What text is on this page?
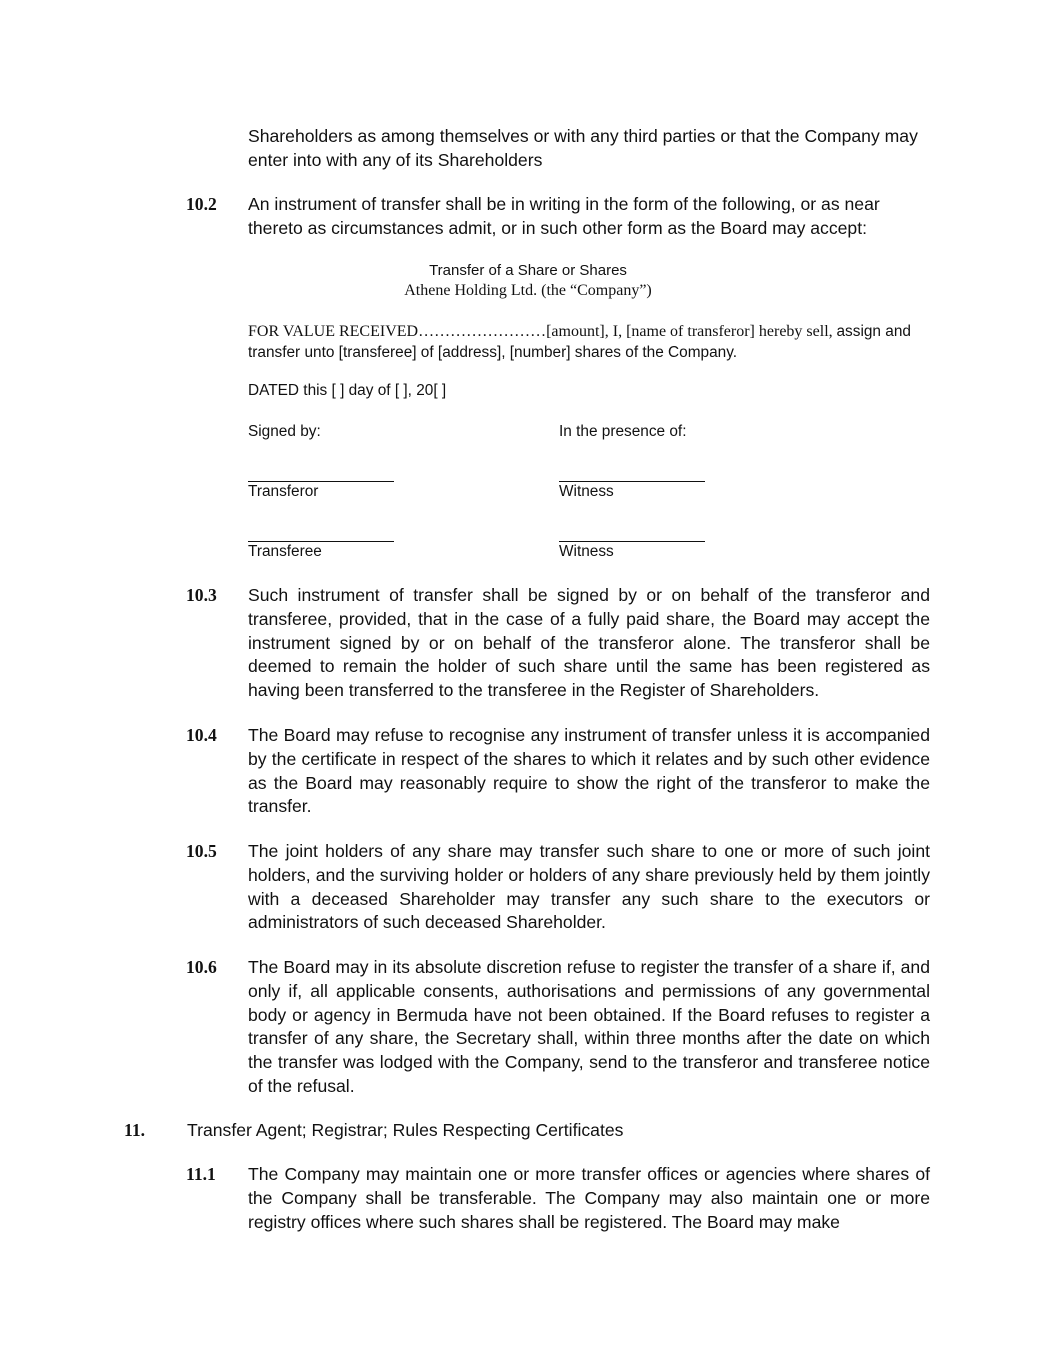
Shareholders as among themselves or with any third parties or that the Company may enter into with any of its Shareholders
10.2 An instrument of transfer shall be in writing in the form of the following, or as near thereto as circumstances admit, or in such other form as the Board may accept:
Transfer of a Share or Shares
Athene Holding Ltd. (the “Company”)
FOR VALUE RECEIVED……………………[amount], I, [name of transferor] hereby sell, assign and transfer unto [transferee] of [address], [number] shares of the Company.
DATED this [ ] day of [ ], 20[ ]
Signed by:	In the presence of:
Transferor	Witness
Transferee	Witness
10.3 Such instrument of transfer shall be signed by or on behalf of the transferor and transferee, provided, that in the case of a fully paid share, the Board may accept the instrument signed by or on behalf of the transferor alone. The transferor shall be deemed to remain the holder of such share until the same has been registered as having been transferred to the transferee in the Register of Shareholders.
10.4 The Board may refuse to recognise any instrument of transfer unless it is accompanied by the certificate in respect of the shares to which it relates and by such other evidence as the Board may reasonably require to show the right of the transferor to make the transfer.
10.5 The joint holders of any share may transfer such share to one or more of such joint holders, and the surviving holder or holders of any share previously held by them jointly with a deceased Shareholder may transfer any such share to the executors or administrators of such deceased Shareholder.
10.6 The Board may in its absolute discretion refuse to register the transfer of a share if, and only if, all applicable consents, authorisations and permissions of any governmental body or agency in Bermuda have not been obtained. If the Board refuses to register a transfer of any share, the Secretary shall, within three months after the date on which the transfer was lodged with the Company, send to the transferor and transferee notice of the refusal.
11. Transfer Agent; Registrar; Rules Respecting Certificates
11.1 The Company may maintain one or more transfer offices or agencies where shares of the Company shall be transferable. The Company may also maintain one or more registry offices where such shares shall be registered. The Board may make
